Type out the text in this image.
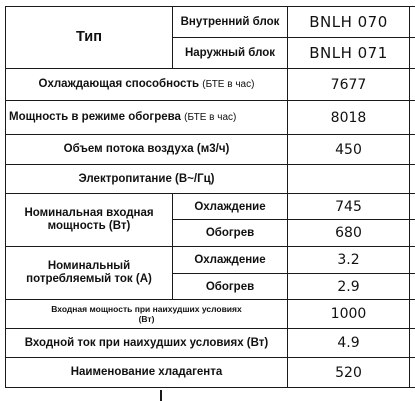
Тип	Внутренний блок	BNLH 070	
	Наружный блок	BNLH 071	
Охлаждающая способность (БТЕ в час)		7677	
Мощность в режиме обогрева (БТЕ в час)		8018	
Объем потока воздуха (м3/ч)		450	
Электропитание (В~/Гц)			
Номинальная входная мощность (Вт)	Охлаждение	745	
	Обогрев	680	
Номинальный потребляемый ток (А)	Охлаждение	3.2	
	Обогрев	2.9	
Входная мощность при наихудших условиях (Вт)		1000	
Входной ток при наихудших условиях (Вт)		4.9	
Наименование хладагента		520	
